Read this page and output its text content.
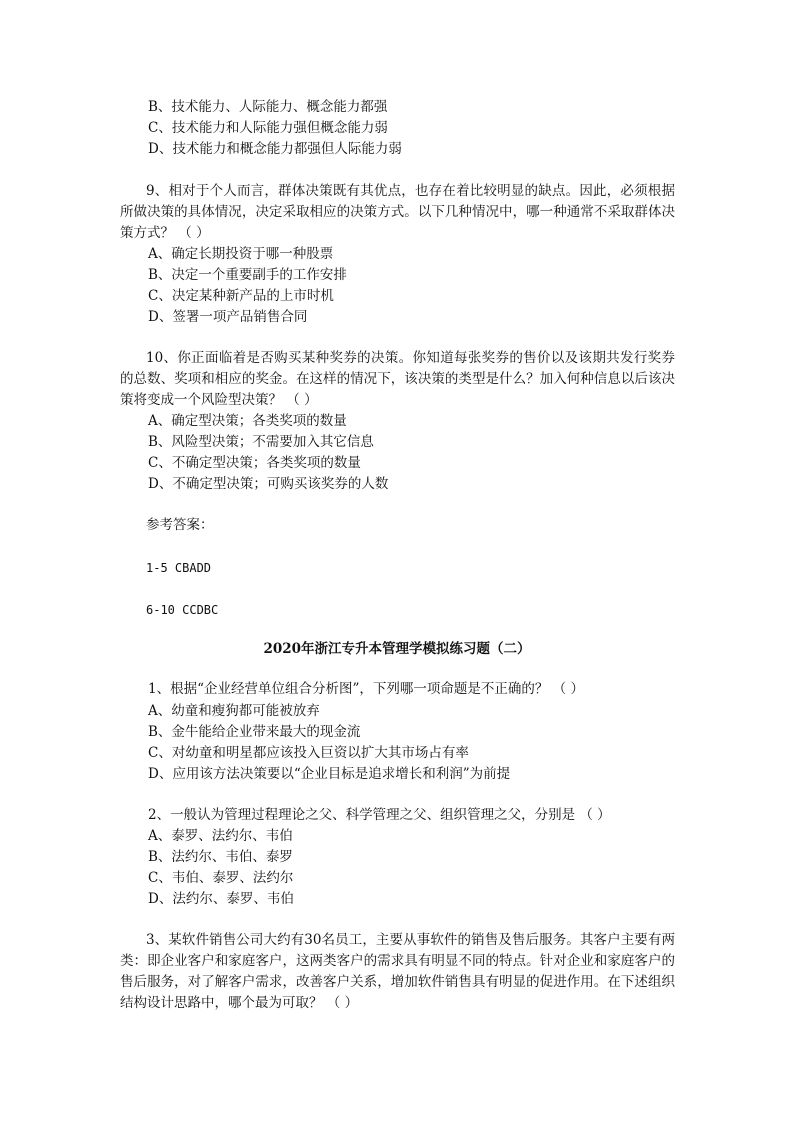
B、技术能力、人际能力、概念能力都强
C、技术能力和人际能力强但概念能力弱
D、技术能力和概念能力都强但人际能力弱
9、相对于个人而言，群体决策既有其优点，也存在着比较明显的缺点。因此，必须根据所做决策的具体情况，决定采取相应的决策方式。以下几种情况中，哪一种通常不采取群体决策方式？ （ ）
A、确定长期投资于哪一种股票
B、决定一个重要副手的工作安排
C、决定某种新产品的上市时机
D、签署一项产品销售合同
10、你正面临着是否购买某种奖券的决策。你知道每张奖券的售价以及该期共发行奖券的总数、奖项和相应的奖金。在这样的情况下，该决策的类型是什么？加入何种信息以后该决策将变成一个风险型决策？ （ ）
A、确定型决策；各类奖项的数量
B、风险型决策；不需要加入其它信息
C、不确定型决策；各类奖项的数量
D、不确定型决策；可购买该奖券的人数
参考答案：
1-5 CBADD
6-10 CCDBC
2020年浙江专升本管理学模拟练习题（二）
1、根据“企业经营单位组合分析图”，下列哪一项命题是不正确的？ （ ）
A、幼童和瘦狗都可能被放弃
B、金牛能给企业带来最大的现金流
C、对幼童和明星都应该投入巨资以扩大其市场占有率
D、应用该方法决策要以“企业目标是追求增长和利润”为前提
2、一般认为管理过程理论之父、科学管理之父、组织管理之父，分别是 （ ）
A、泰罗、法约尔、韦伯
B、法约尔、韦伯、泰罗
C、韦伯、泰罗、法约尔
D、法约尔、泰罗、韦伯
3、某软件销售公司大约有30名员工，主要从事软件的销售及售后服务。其客户主要有两类：即企业客户和家庭客户，这两类客户的需求具有明显不同的特点。针对企业和家庭客户的售后服务，对了解客户需求，改善客户关系，增加软件销售具有明显的促进作用。在下述组织结构设计思路中，哪个最为可取？ （ ）
